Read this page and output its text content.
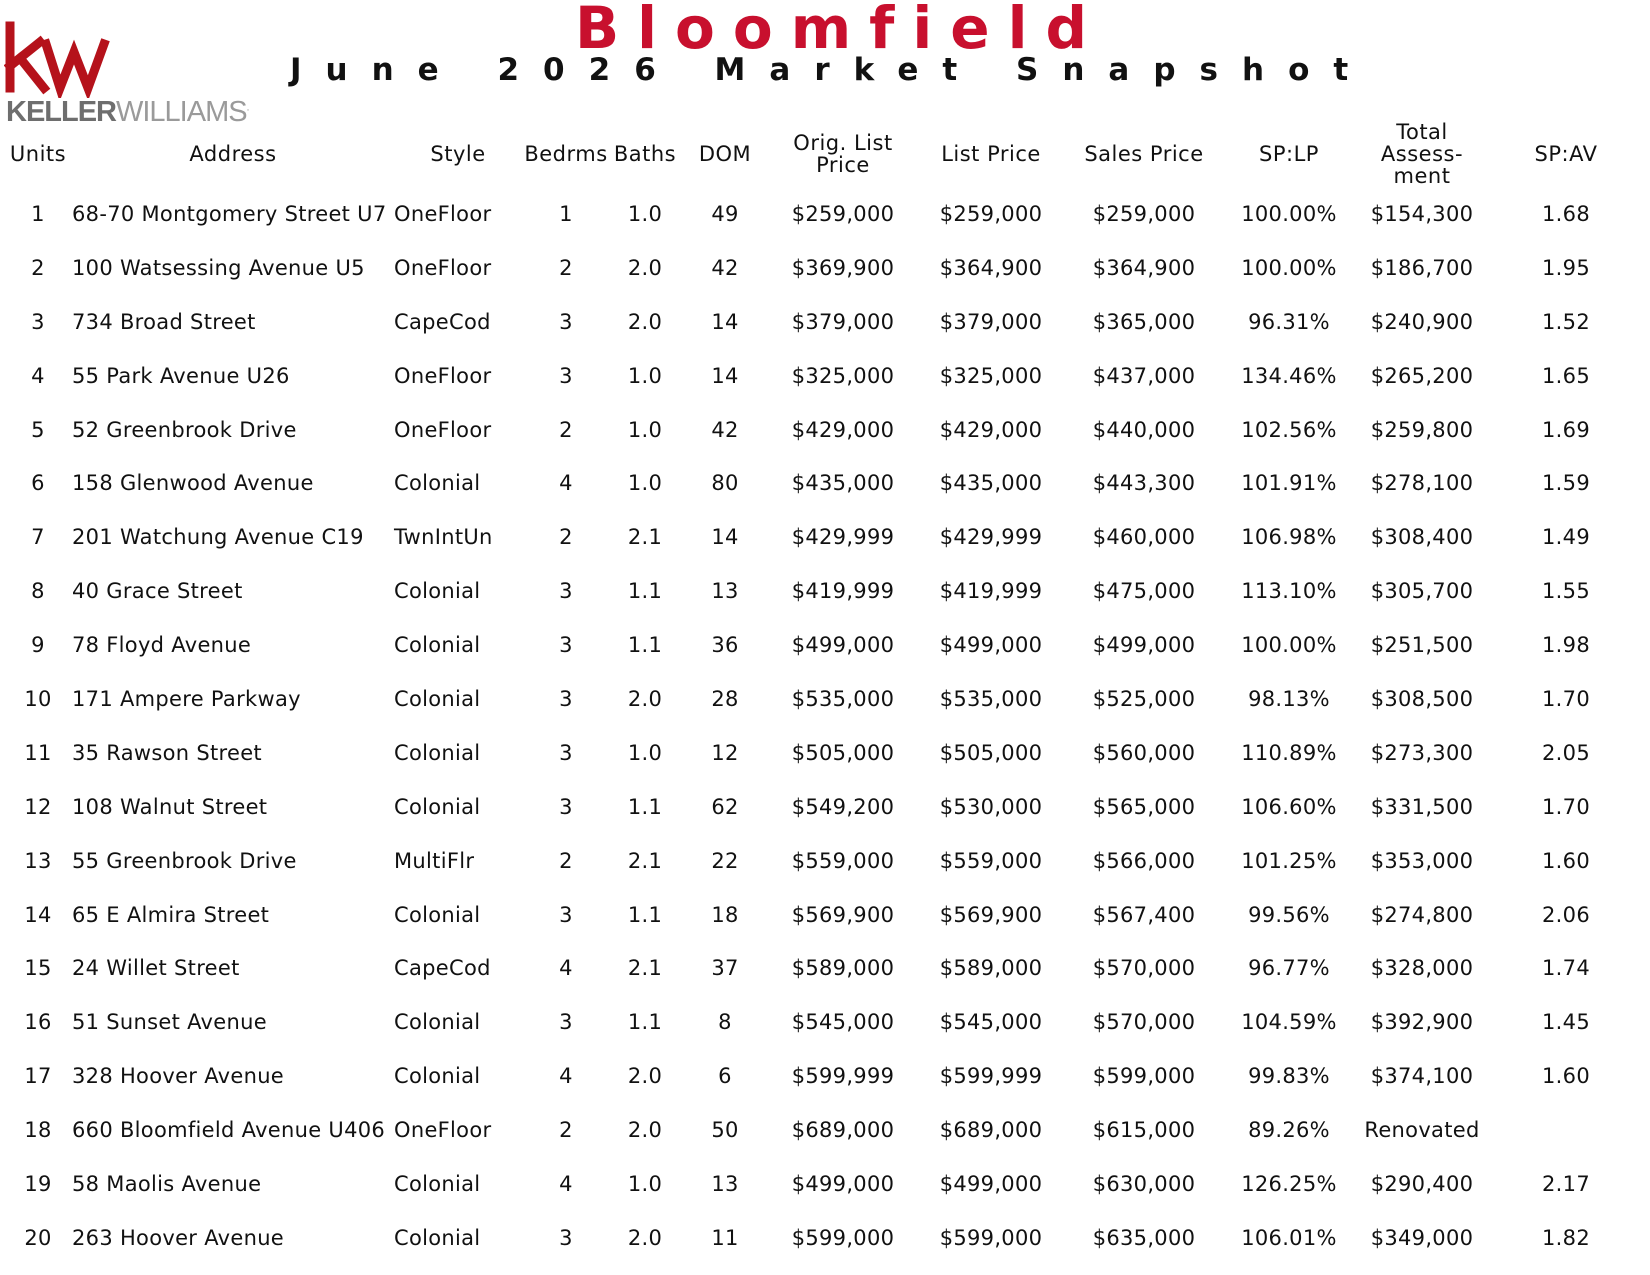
KELLERWILLIAMS.
Bloomfield
June 2026 Market Snapshot
Units	Address	Style	Bedrms	Baths	DOM	Orig. List Price	List Price	Sales Price	SP:LP	Total Assess-ment	SP:AV
1	68-70 Montgomery Street U7	OneFloor	1	1.0	49	$259,000	$259,000	$259,000	100.00%	$154,300	1.68
2	100 Watsessing Avenue U5	OneFloor	2	2.0	42	$369,900	$364,900	$364,900	100.00%	$186,700	1.95
3	734 Broad Street	CapeCod	3	2.0	14	$379,000	$379,000	$365,000	96.31%	$240,900	1.52
4	55 Park Avenue U26	OneFloor	3	1.0	14	$325,000	$325,000	$437,000	134.46%	$265,200	1.65
5	52 Greenbrook Drive	OneFloor	2	1.0	42	$429,000	$429,000	$440,000	102.56%	$259,800	1.69
6	158 Glenwood Avenue	Colonial	4	1.0	80	$435,000	$435,000	$443,300	101.91%	$278,100	1.59
7	201 Watchung Avenue C19	TwnIntUn	2	2.1	14	$429,999	$429,999	$460,000	106.98%	$308,400	1.49
8	40 Grace Street	Colonial	3	1.1	13	$419,999	$419,999	$475,000	113.10%	$305,700	1.55
9	78 Floyd Avenue	Colonial	3	1.1	36	$499,000	$499,000	$499,000	100.00%	$251,500	1.98
10	171 Ampere Parkway	Colonial	3	2.0	28	$535,000	$535,000	$525,000	98.13%	$308,500	1.70
11	35 Rawson Street	Colonial	3	1.0	12	$505,000	$505,000	$560,000	110.89%	$273,300	2.05
12	108 Walnut Street	Colonial	3	1.1	62	$549,200	$530,000	$565,000	106.60%	$331,500	1.70
13	55 Greenbrook Drive	MultiFlr	2	2.1	22	$559,000	$559,000	$566,000	101.25%	$353,000	1.60
14	65 E Almira Street	Colonial	3	1.1	18	$569,900	$569,900	$567,400	99.56%	$274,800	2.06
15	24 Willet Street	CapeCod	4	2.1	37	$589,000	$589,000	$570,000	96.77%	$328,000	1.74
16	51 Sunset Avenue	Colonial	3	1.1	8	$545,000	$545,000	$570,000	104.59%	$392,900	1.45
17	328 Hoover Avenue	Colonial	4	2.0	6	$599,999	$599,999	$599,000	99.83%	$374,100	1.60
18	660 Bloomfield Avenue U406	OneFloor	2	2.0	50	$689,000	$689,000	$615,000	89.26%	Renovated	
19	58 Maolis Avenue	Colonial	4	1.0	13	$499,000	$499,000	$630,000	126.25%	$290,400	2.17
20	263 Hoover Avenue	Colonial	3	2.0	11	$599,000	$599,000	$635,000	106.01%	$349,000	1.82
